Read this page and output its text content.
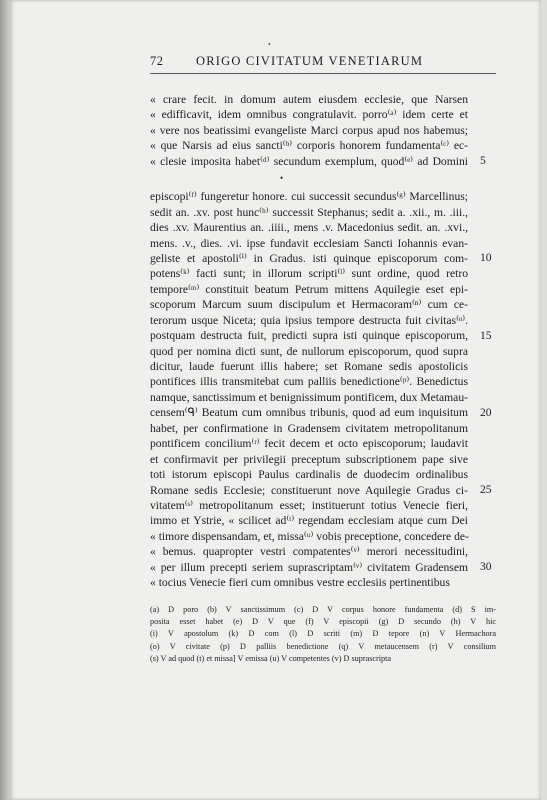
72	ORIGO CIVITATUM VENETIARUM
•
« crare fecit. in domum autem eiusdem ecclesie, que Narsen
« edifficavit, idem omnibus congratulavit. porro⁽ᵃ⁾ idem certe et
« vere nos beatissimi evangeliste Marci corpus apud nos habemus;
« que Narsis ad eius sancti⁽ᵇ⁾ corporis honorem fundamenta⁽ᶜ⁾ ec-
« clesie imposita habet⁽ᵈ⁾ secundum exemplum, quod⁽ᵉ⁾ ad Domini
•
episcopi⁽ᶠ⁾ fungeretur honore. cui successit secundus⁽ᵍ⁾ Marcellinus;
sedit an. .xv. post hunc⁽ʰ⁾ successit Stephanus; sedit a. .xii., m. .iii.,
dies .xv. Maurentius an. .iiii., mens .v. Macedonius sedit. an. .xvi.,
mens. .v., dies. .vi. ipse fundavit ecclesiam Sancti Iohannis evan-
geliste et apostoli⁽ⁱ⁾ in Gradus. isti quinque episcoporum com-
potens⁽ᵏ⁾ facti sunt; in illorum scripti⁽ˡ⁾ sunt ordine, quod retro
tempore⁽ᵐ⁾ constituit beatum Petrum mittens Aquilegie eset epi-
scoporum Marcum suum discipulum et Hermacoram⁽ⁿ⁾ cum ce-
terorum usque Niceta; quia ipsius tempore destructa fuit civitas⁽ᵒ⁾.
postquam destructa fuit, predicti supra isti quinque episcoporum,
quod per nomina dicti sunt, de nullorum episcoporum, quod supra
dicitur, laude fuerunt illis habere; set Romane sedis apostolicis
pontifices illis transmitebat cum palliis benedictione⁽ᵖ⁾. Benedictus
namque, sanctissimum et benignissimum pontificem, dux Metamau-
censem⁽ᑫ⁾ Beatum cum omnibus tribunis, quod ad eum inquisitum
habet, per confirmatione in Gradensem civitatem metropolitanum
pontificem concilium⁽ʳ⁾ fecit decem et octo episcoporum; laudavit
et confirmavit per privilegii preceptum subscriptionem pape sive
toti istorum episcopi Paulus cardinalis de duodecim ordinalibus
Romane sedis Ecclesie; constituerunt nove Aquilegie Gradus ci-
vitatem⁽ˢ⁾ metropolitanum esset; instituerunt totius Venecie fieri,
immo et Ystrie, « scilicet ad⁽ᵗ⁾ regendam ecclesiam atque cum Dei
« timore dispensandam, et, missa⁽ᵘ⁾ vobis preceptione, concedere de-
« bemus. quapropter vestri compatentes⁽ᵛ⁾ merori necessitudini,
« per illum precepti seriem suprascriptam⁽ᵛ⁾ civitatem Gradensem
« tocius Venecie fieri cum omnibus vestre ecclesiis pertinentibus
5
10
15
20
25
30
(a) D poro (b) V sanctissimum (c) D V corpus honore fundamenta (d) S im-
posita esset habet (e) D V que (f) V episcopii (g) D secundo (h) V hic
(i) V apostolum (k) D com (l) D scriti (m) D tepore (n) V Hermachora
(o) V civitate (p) D palliis benedictione (q) V metaucensem (r) V consilium
(s) V ad quod (t) et missa] V emissa (u) V competentes (v) D suprascripta
